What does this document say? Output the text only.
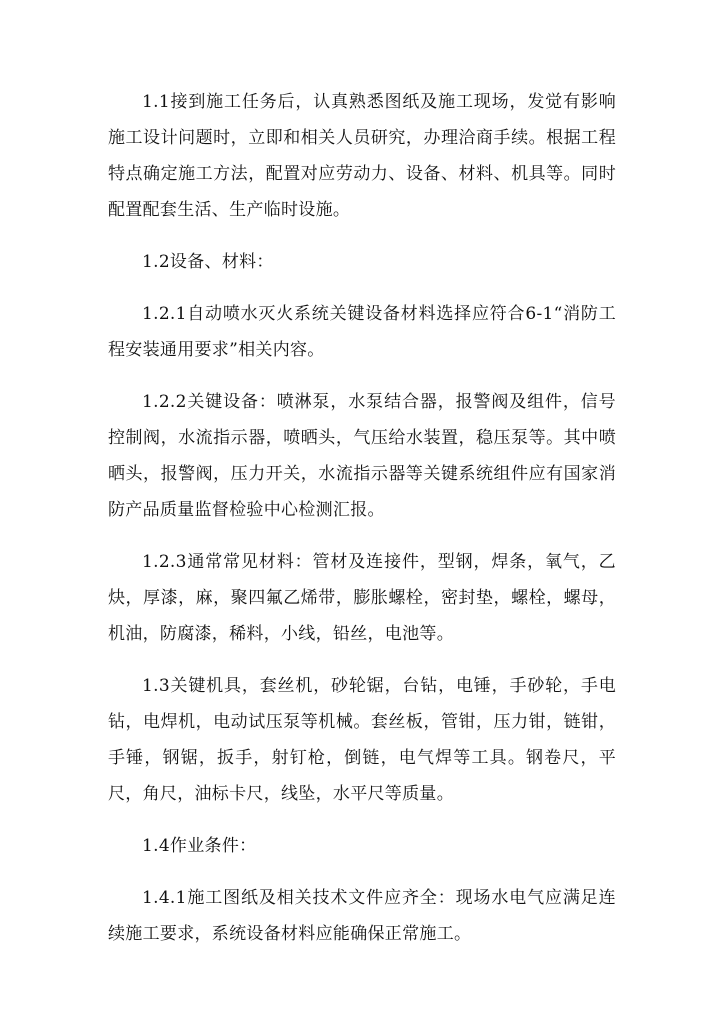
1.1接到施工任务后，认真熟悉图纸及施工现场，发觉有影响施工设计问题时，立即和相关人员研究，办理洽商手续。根据工程特点确定施工方法，配置对应劳动力、设备、材料、机具等。同时配置配套生活、生产临时设施。

1.2设备、材料：

1.2.1自动喷水灭火系统关键设备材料选择应符合6-1“消防工程安装通用要求”相关内容。

1.2.2关键设备：喷淋泵，水泵结合器，报警阀及组件，信号控制阀，水流指示器，喷晒头，气压给水装置，稳压泵等。其中喷晒头，报警阀，压力开关，水流指示器等关键系统组件应有国家消防产品质量监督检验中心检测汇报。

1.2.3通常常见材料：管材及连接件，型钢，焊条，氧气，乙炔，厚漆，麻，聚四氟乙烯带，膨胀螺栓，密封垫，螺栓，螺母，机油，防腐漆，稀料，小线，铅丝，电池等。

1.3关键机具，套丝机，砂轮锯，台钻，电锤，手砂轮，手电钻，电焊机，电动试压泵等机械。套丝板，管钳，压力钳，链钳，手锤，钢锯，扳手，射钉枪，倒链，电气焊等工具。钢卷尺，平尺，角尺，油标卡尺，线坠，水平尺等质量。

1.4作业条件：

1.4.1施工图纸及相关技术文件应齐全：现场水电气应满足连续施工要求，系统设备材料应能确保正常施工。
